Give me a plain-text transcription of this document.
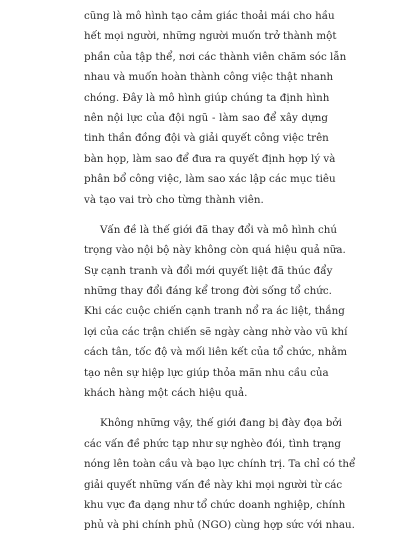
cũng là mô hình tạo cảm giác thoải mái cho hầu
hết mọi người, những người muốn trở thành một
phần của tập thể, nơi các thành viên chăm sóc lẫn
nhau và muốn hoàn thành công việc thật nhanh
chóng. Đây là mô hình giúp chúng ta định hình
nên nội lực của đội ngũ - làm sao để xây dựng
tinh thần đồng đội và giải quyết công việc trên
bàn họp, làm sao để đưa ra quyết định hợp lý và
phân bổ công việc, làm sao xác lập các mục tiêu
và tạo vai trò cho từng thành viên.

Vấn đề là thế giới đã thay đổi và mô hình chú
trọng vào nội bộ này không còn quá hiệu quả nữa.
Sự cạnh tranh và đổi mới quyết liệt đã thúc đẩy
những thay đổi đáng kể trong đời sống tổ chức.
Khi các cuộc chiến cạnh tranh nổ ra ác liệt, thắng
lợi của các trận chiến sẽ ngày càng nhờ vào vũ khí
cách tân, tốc độ và mối liên kết của tổ chức, nhằm
tạo nên sự hiệp lực giúp thỏa mãn nhu cầu của
khách hàng một cách hiệu quả.

Không những vậy, thế giới đang bị đày đọa bởi
các vấn đề phức tạp như sự nghèo đói, tình trạng
nóng lên toàn cầu và bạo lực chính trị. Ta chỉ có thể
giải quyết những vấn đề này khi mọi người từ các
khu vực đa dạng như tổ chức doanh nghiệp, chính
phủ và phi chính phủ (NGO) cùng hợp sức với nhau.
